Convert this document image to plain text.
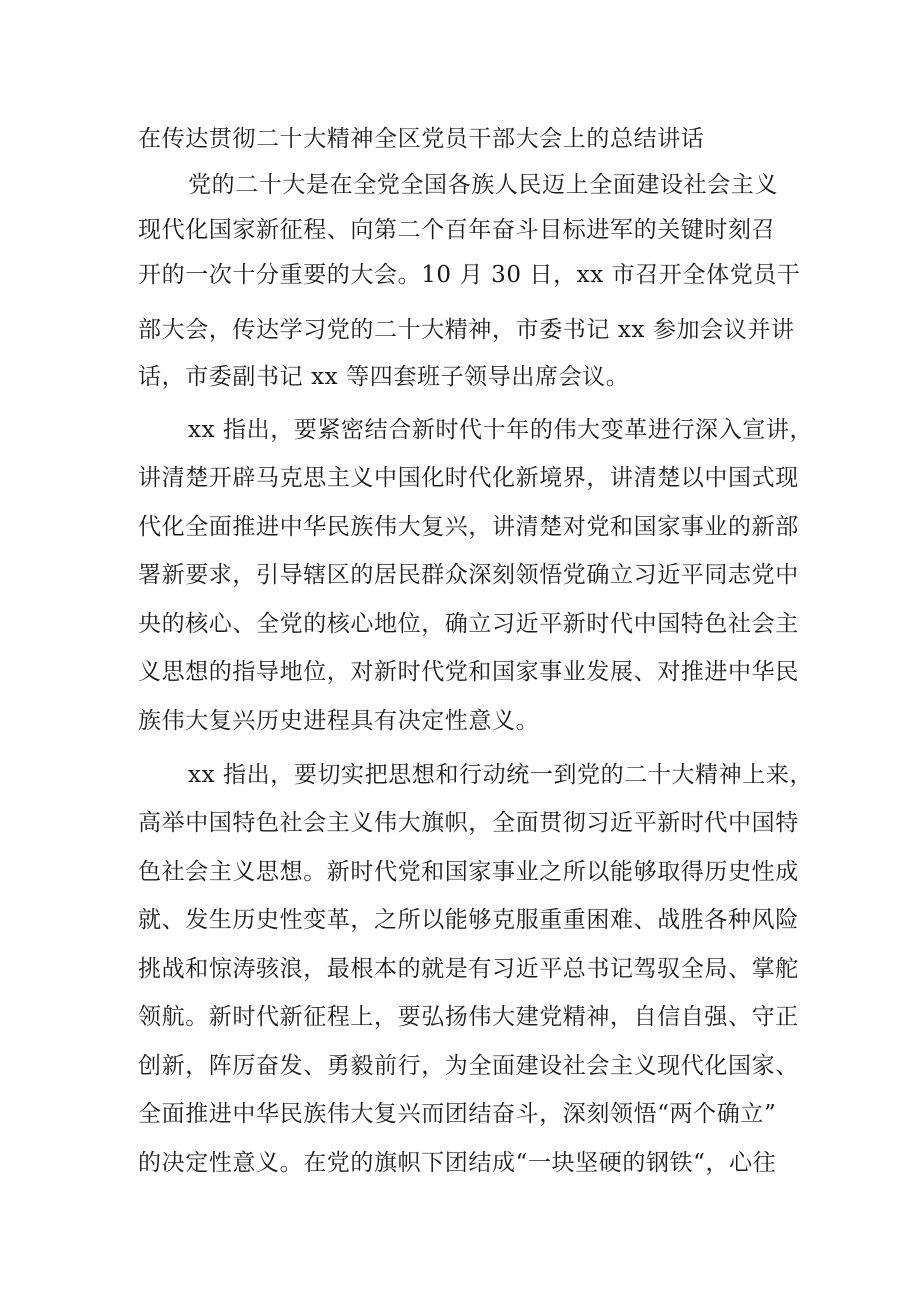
在传达贯彻二十大精神全区党员干部大会上的总结讲话

党的二十大是在全党全国各族人民迈上全面建设社会主义

现代化国家新征程、向第二个百年奋斗目标进军的关键时刻召

开的一次十分重要的大会。10 月 30 日，xx 市召开全体党员干

部大会，传达学习党的二十大精神，市委书记 xx 参加会议并讲

话，市委副书记 xx 等四套班子领导出席会议。

xx 指出，要紧密结合新时代十年的伟大变革进行深入宣讲，

讲清楚开辟马克思主义中国化时代化新境界，讲清楚以中国式现

代化全面推进中华民族伟大复兴，讲清楚对党和国家事业的新部

署新要求，引导辖区的居民群众深刻领悟党确立习近平同志党中

央的核心、全党的核心地位，确立习近平新时代中国特色社会主

义思想的指导地位，对新时代党和国家事业发展、对推进中华民

族伟大复兴历史进程具有决定性意义。

xx 指出，要切实把思想和行动统一到党的二十大精神上来，

高举中国特色社会主义伟大旗帜，全面贯彻习近平新时代中国特

色社会主义思想。新时代党和国家事业之所以能够取得历史性成

就、发生历史性变革，之所以能够克服重重困难、战胜各种风险

挑战和惊涛骇浪，最根本的就是有习近平总书记驾驭全局、掌舵

领航。新时代新征程上，要弘扬伟大建党精神，自信自强、守正

创新，阵厉奋发、勇毅前行，为全面建设社会主义现代化国家、

全面推进中华民族伟大复兴而团结奋斗，深刻领悟“两个确立”

的决定性意义。在党的旗帜下团结成“一块坚硬的钢铁“，心往
